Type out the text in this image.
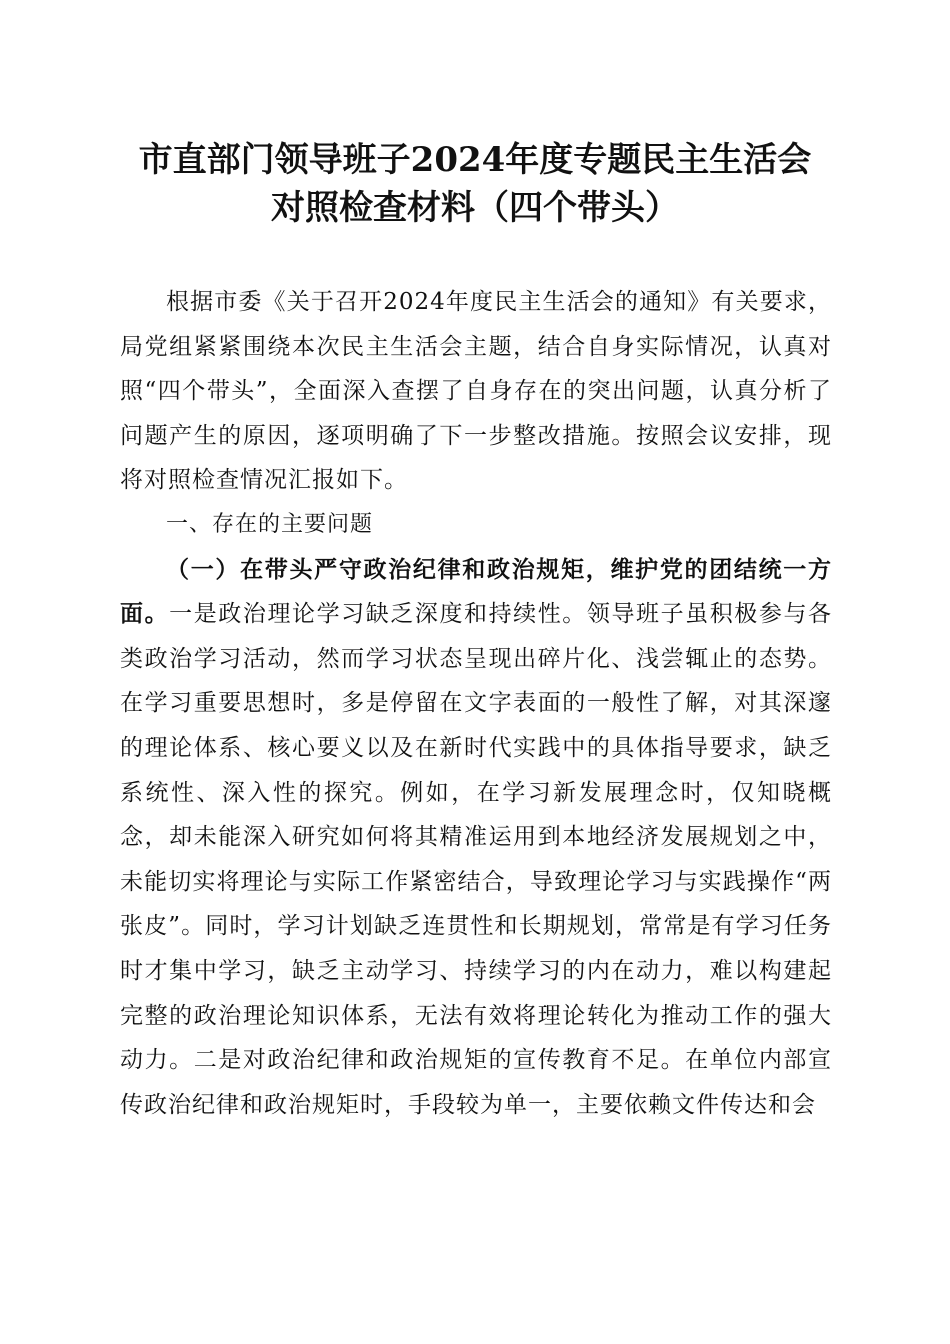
市直部门领导班子2024年度专题民主生活会
对照检查材料（四个带头）

根据市委《关于召开2024年度民主生活会的通知》有关要求，局党组紧紧围绕本次民主生活会主题，结合自身实际情况，认真对照“四个带头”，全面深入查摆了自身存在的突出问题，认真分析了问题产生的原因，逐项明确了下一步整改措施。按照会议安排，现将对照检查情况汇报如下。

一、存在的主要问题

（一）在带头严守政治纪律和政治规矩，维护党的团结统一方面。一是政治理论学习缺乏深度和持续性。领导班子虽积极参与各类政治学习活动，然而学习状态呈现出碎片化、浅尝辄止的态势。在学习重要思想时，多是停留在文字表面的一般性了解，对其深邃的理论体系、核心要义以及在新时代实践中的具体指导要求，缺乏系统性、深入性的探究。例如，在学习新发展理念时，仅知晓概念，却未能深入研究如何将其精准运用到本地经济发展规划之中，未能切实将理论与实际工作紧密结合，导致理论学习与实践操作“两张皮”。同时，学习计划缺乏连贯性和长期规划，常常是有学习任务时才集中学习，缺乏主动学习、持续学习的内在动力，难以构建起完整的政治理论知识体系，无法有效将理论转化为推动工作的强大动力。二是对政治纪律和政治规矩的宣传教育不足。在单位内部宣传政治纪律和政治规矩时，手段较为单一，主要依赖文件传达和会
